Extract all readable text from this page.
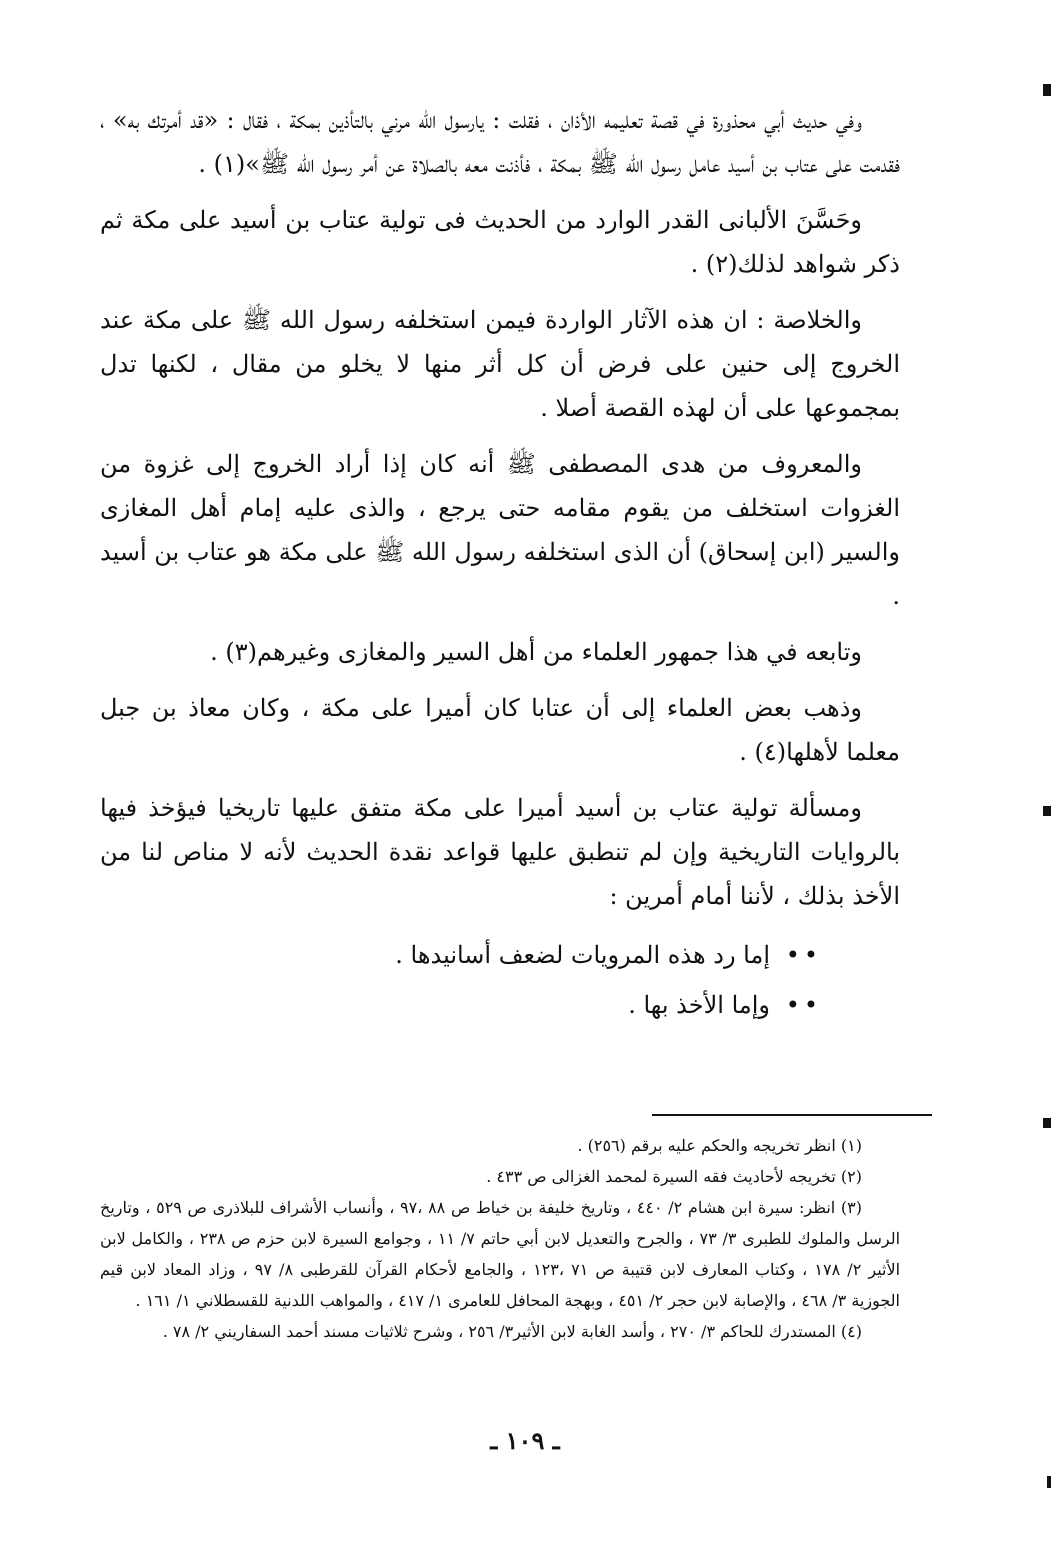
وفي حديث أبي محذورة في قصة تعليمه الأذان ، فقلت : يارسول الله مرني بالتأذين بمكة ، فقال : «قد أمرتك به» ، فقدمت على عتاب بن أسيد عامل رسول الله ﷺ بمكة ، فأذنت معه بالصلاة عن أمر رسول الله ﷺ»(١) .

وحَسَّنَ الألبانى القدر الوارد من الحديث فى تولية عتاب بن أسيد على مكة ثم ذكر شواهد لذلك(٢) .

والخلاصة : ان هذه الآثار الواردة فيمن استخلفه رسول الله ﷺ على مكة عند الخروج إلى حنين على فرض أن كل أثر منها لا يخلو من مقال ، لكنها تدل بمجموعها على أن لهذه القصة أصلا .

والمعروف من هدى المصطفى ﷺ أنه كان إذا أراد الخروج إلى غزوة من الغزوات استخلف من يقوم مقامه حتى يرجع ، والذى عليه إمام أهل المغازى والسير (ابن إسحاق) أن الذى استخلفه رسول الله ﷺ على مكة هو عتاب بن أسيد .

وتابعه في هذا جمهور العلماء من أهل السير والمغازى وغيرهم(٣) .

وذهب بعض العلماء إلى أن عتابا كان أميرا على مكة ، وكان معاذ بن جبل معلما لأهلها(٤) .

ومسألة تولية عتاب بن أسيد أميرا على مكة متفق عليها تاريخيا فيؤخذ فيها بالروايات التاريخية وإن لم تنطبق عليها قواعد نقدة الحديث لأنه لا مناص لنا من الأخذ بذلك ، لأننا أمام أمرين :

••
إما رد هذه المرويات لضعف أسانيدها .
••
وإما الأخذ بها .

(١) انظر تخريجه والحكم عليه برقم (٢٥٦) .

(٢) تخريجه لأحاديث فقه السيرة لمحمد الغزالى ص ٤٣٣ .

(٣) انظر: سيرة ابن هشام ٢/ ٤٤٠ ، وتاريخ خليفة بن خياط ص ٨٨ ،٩٧ ، وأنساب الأشراف للبلاذرى ص ٥٢٩ ، وتاريخ الرسل والملوك للطبرى ٣/ ٧٣ ، والجرح والتعديل لابن أبي حاتم ٧/ ١١ ، وجوامع السيرة لابن حزم ص ٢٣٨ ، والكامل لابن الأثير ٢/ ١٧٨ ، وكتاب المعارف لابن قتيبة ص ٧١ ،١٢٣ ، والجامع لأحكام القرآن للقرطبى ٨/ ٩٧ ، وزاد المعاد لابن قيم الجوزية ٣/ ٤٦٨ ، والإصابة لابن حجر ٢/ ٤٥١ ، وبهجة المحافل للعامرى ١/ ٤١٧ ، والمواهب اللدنية للقسطلاني ١/ ١٦١ .

(٤) المستدرك للحاكم ٣/ ٢٧٠ ، وأسد الغابة لابن الأثير٣/ ٢٥٦ ، وشرح ثلاثيات مسند أحمد السفاريني ٢/ ٧٨ .

ـ ١٠٩ ـ
